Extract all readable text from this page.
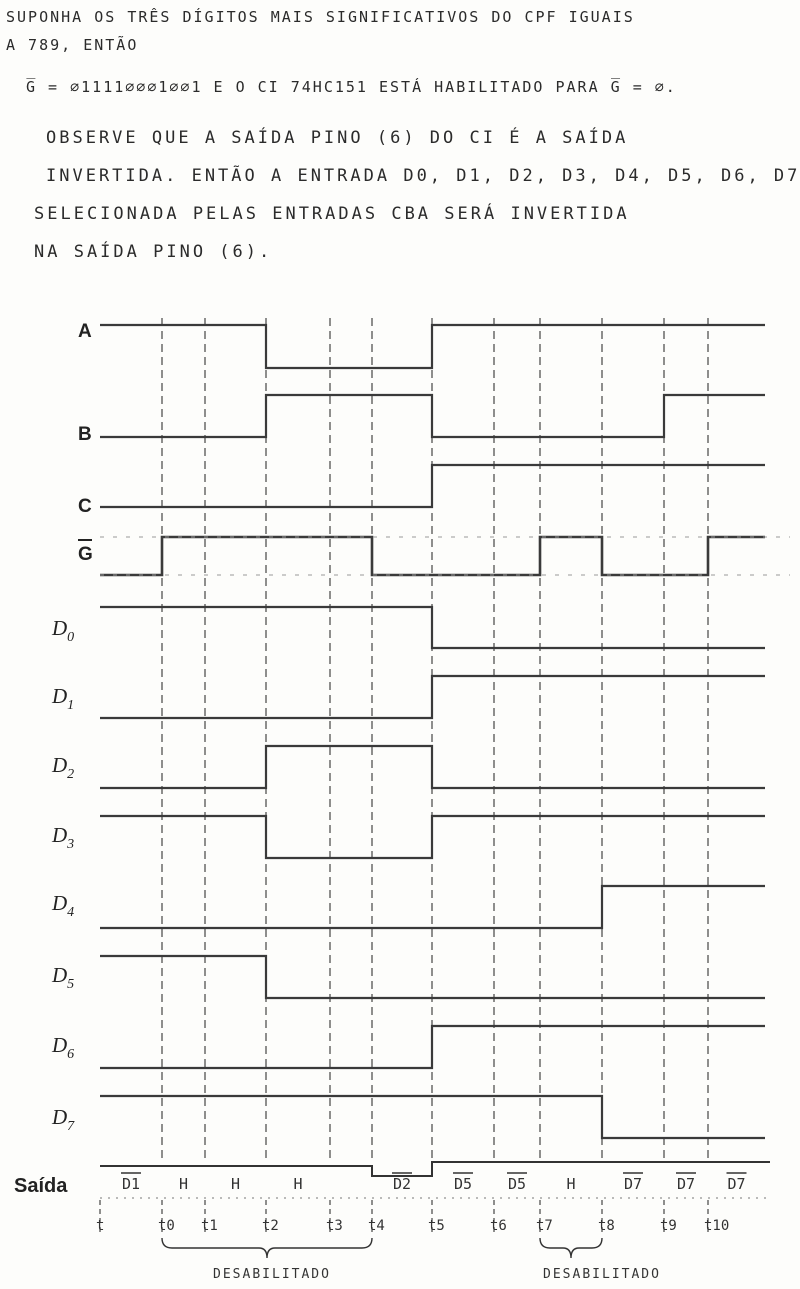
SUPONHA OS TRÊS DÍGITOS MAIS SIGNIFICATIVOS DO CPF IGUAIS
A 789, ENTÃO
G̅ = ∅1111∅∅∅1∅∅1 E O CI 74HC151 ESTÁ HABILITADO PARA G̅ = ∅.
OBSERVE QUE A SAÍDA PINO (6) DO CI É A SAÍDA
INVERTIDA. ENTÃO A ENTRADA D0, D1, D2, D3, D4, D5, D6, D7
SELECIONADA PELAS ENTRADAS CBA SERÁ INVERTIDA
NA SAÍDA PINO (6).
A
B
C
G
$D_0$
$D_1$
$D_2$
$D_3$
$D_4$
$D_5$
$D_6$
$D_7$
Saída	D1	H	H	H	D2	D5 D5	H	D7 D7 D7
t	t0 t1	t2	t3 t4	t5	t6 t7	t8	t9 t10
DESABILITADO	DESABILITADO
